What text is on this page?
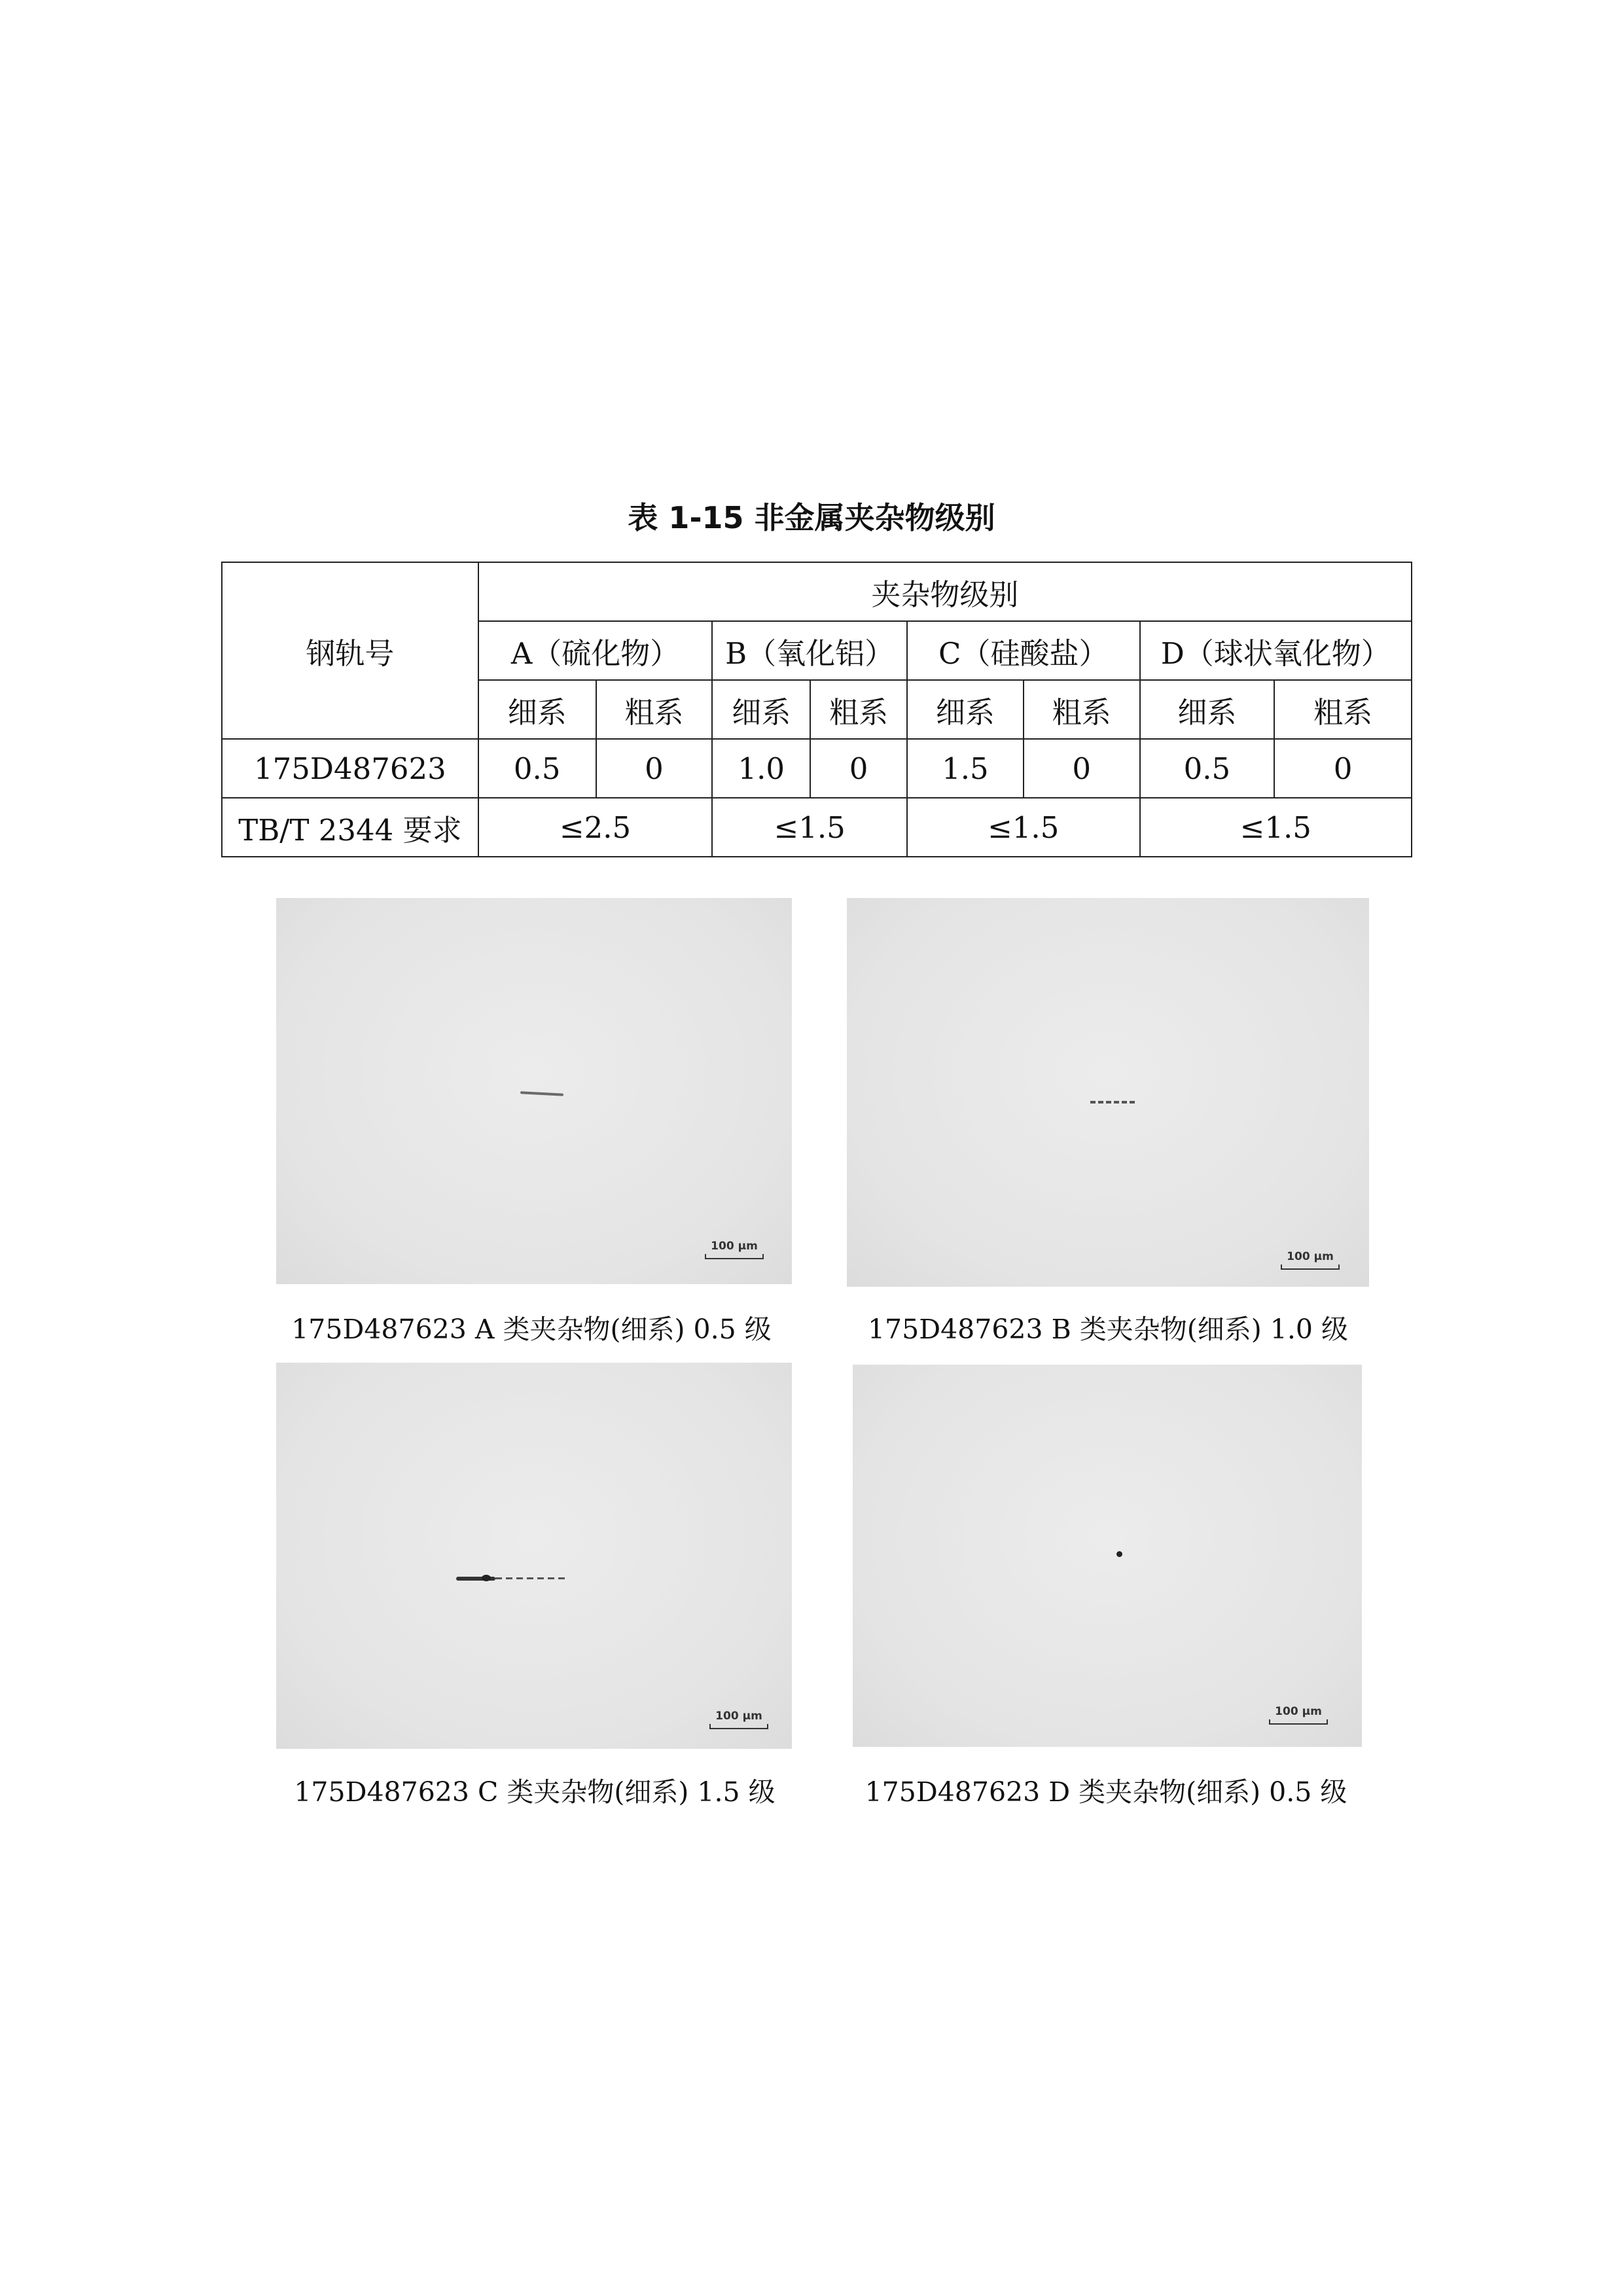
表 1-15 非金属夹杂物级别
钢轨号	夹杂物级别							
	A（硫化物）		B（氧化铝）		C（硅酸盐）		D（球状氧化物）	
	细系	粗系	细系	粗系	细系	粗系	细系	粗系
175D487623	0.5	0	1.0	0	1.5	0	0.5	0
TB/T 2344 要求	≤2.5		≤1.5		≤1.5		≤1.5	
100 µm
175D487623 A 类夹杂物(细系) 0.5 级
100 µm
175D487623 B 类夹杂物(细系) 1.0 级
100 µm
175D487623 C 类夹杂物(细系) 1.5 级
100 µm
175D487623 D 类夹杂物(细系) 0.5 级
